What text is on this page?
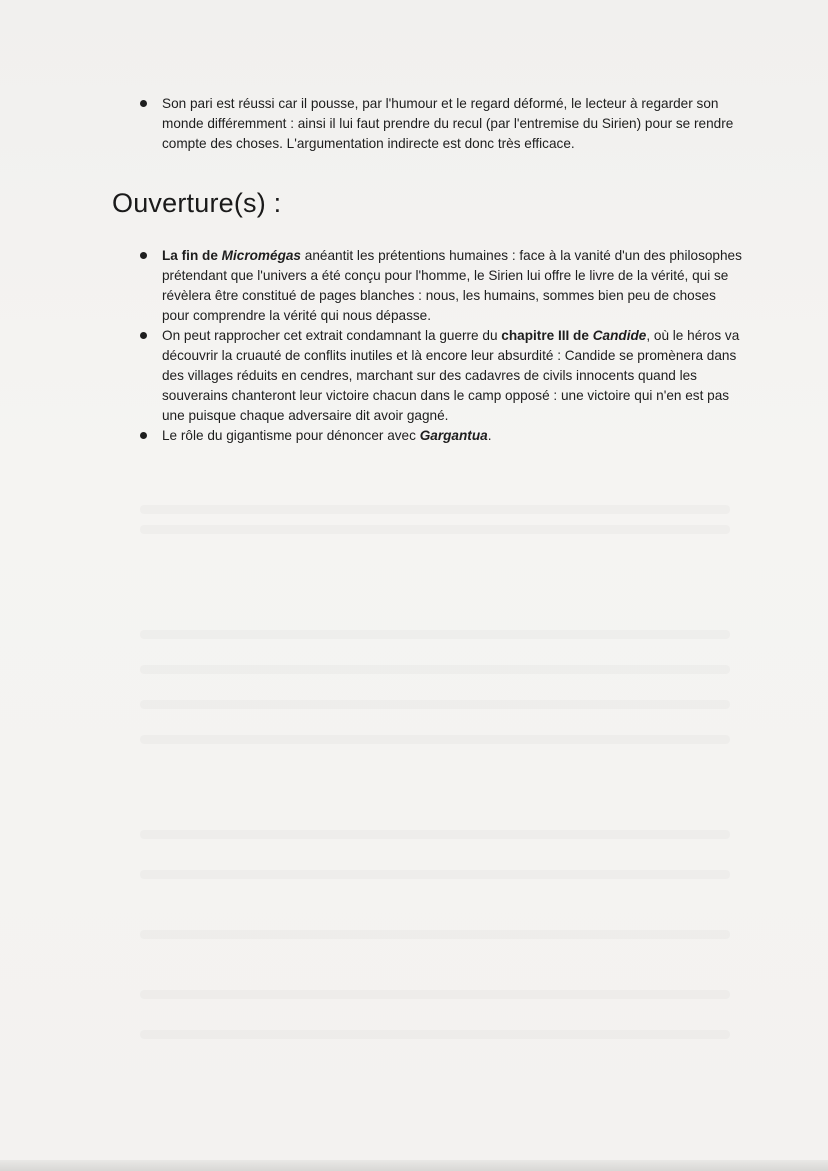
Son pari est réussi car il pousse, par l'humour et le regard déformé, le lecteur à regarder son monde différemment : ainsi il lui faut prendre du recul (par l'entremise du Sirien) pour se rendre compte des choses. L'argumentation indirecte est donc très efficace.
Ouverture(s) :
La fin de Micromégas anéantit les prétentions humaines : face à la vanité d'un des philosophes prétendant que l'univers a été conçu pour l'homme, le Sirien lui offre le livre de la vérité, qui se révèlera être constitué de pages blanches : nous, les humains, sommes bien peu de choses pour comprendre la vérité qui nous dépasse.
On peut rapprocher cet extrait condamnant la guerre du chapitre III de Candide, où le héros va découvrir la cruauté de conflits inutiles et là encore leur absurdité : Candide se promènera dans des villages réduits en cendres, marchant sur des cadavres de civils innocents quand les souverains chanteront leur victoire chacun dans le camp opposé : une victoire qui n'en est pas une puisque chaque adversaire dit avoir gagné.
Le rôle du gigantisme pour dénoncer avec Gargantua.
